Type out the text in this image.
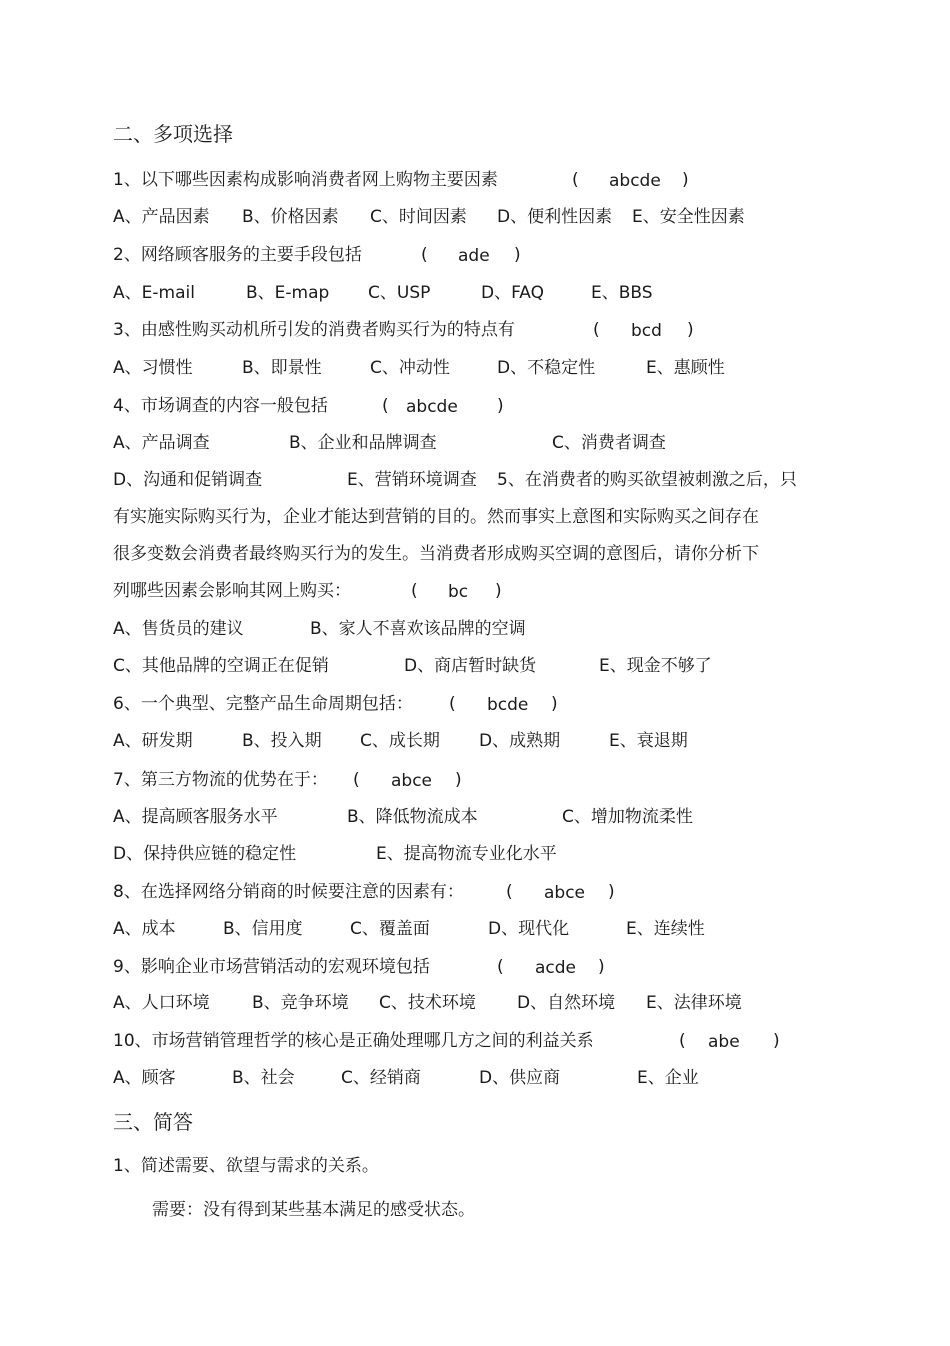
二、多项选择
1、以下哪些因素构成影响消费者网上购物主要因素	( abcde )
A、产品因素 B、价格因素 C、时间因素 D、便利性因素 E、安全性因素
2、网络顾客服务的主要手段包括	( ade )
A、E-mail	B、E-map C、USP	D、FAQ	E、BBS
3、由感性购买动机所引发的消费者购买行为的特点有	( bcd )
A、习惯性	B、即景性	C、冲动性	D、不稳定性	E、惠顾性
4、市场调查的内容一般包括	( abcde )
A、产品调查	B、企业和品牌调查	C、消费者调查
D、沟通和促销调查	E、营销环境调查 5、在消费者的购买欲望被刺激之后，只
有实施实际购买行为，企业才能达到营销的目的。然而事实上意图和实际购买之间存在
很多变数会消费者最终购买行为的发生。当消费者形成购买空调的意图后，请你分析下
列哪些因素会影响其网上购买：	( bc )
A、售货员的建议	B、家人不喜欢该品牌的空调
C、其他品牌的空调正在促销	D、商店暂时缺货	E、现金不够了
6、一个典型、完整产品生命周期包括： ( bcde )
A、研发期	B、投入期 C、成长期 D、成熟期	E、衰退期
7、第三方物流的优势在于： ( abce )
A、提高顾客服务水平	B、降低物流成本	C、增加物流柔性
D、保持供应链的稳定性	E、提高物流专业化水平
8、在选择网络分销商的时候要注意的因素有： ( abce )
A、成本	B、信用度	C、覆盖面	D、现代化	E、连续性
9、影响企业市场营销活动的宏观环境包括	( acde )
A、人口环境 B、竞争环境 C、技术环境 D、自然环境 E、法律环境
10、市场营销管理哲学的核心是正确处理哪几方之间的利益关系	( abe )
A、顾客	B、社会	C、经销商	D、供应商	E、企业
三、简答
1、简述需要、欲望与需求的关系。
需要：没有得到某些基本满足的感受状态。
